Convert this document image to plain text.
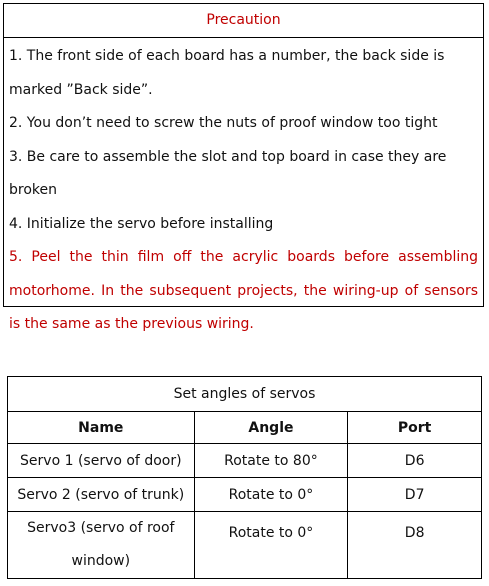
Precaution

1. The front side of each board has a number, the back side is marked ”Back side”.

2. You don’t need to screw the nuts of proof window too tight

3. Be care to assemble the slot and top board in case they are broken

4. Initialize the servo before installing

5. Peel the thin film off the acrylic boards before assembling motorhome. In the subsequent projects, the wiring-up of sensors is the same as the previous wiring.

Set angles of servos		
Name	Angle	Port
Servo 1 (servo of door)	Rotate to 80°	D6
Servo 2 (servo of trunk)	Rotate to 0°	D7
Servo3 (servo of roof window)	Rotate to 0°	D8
